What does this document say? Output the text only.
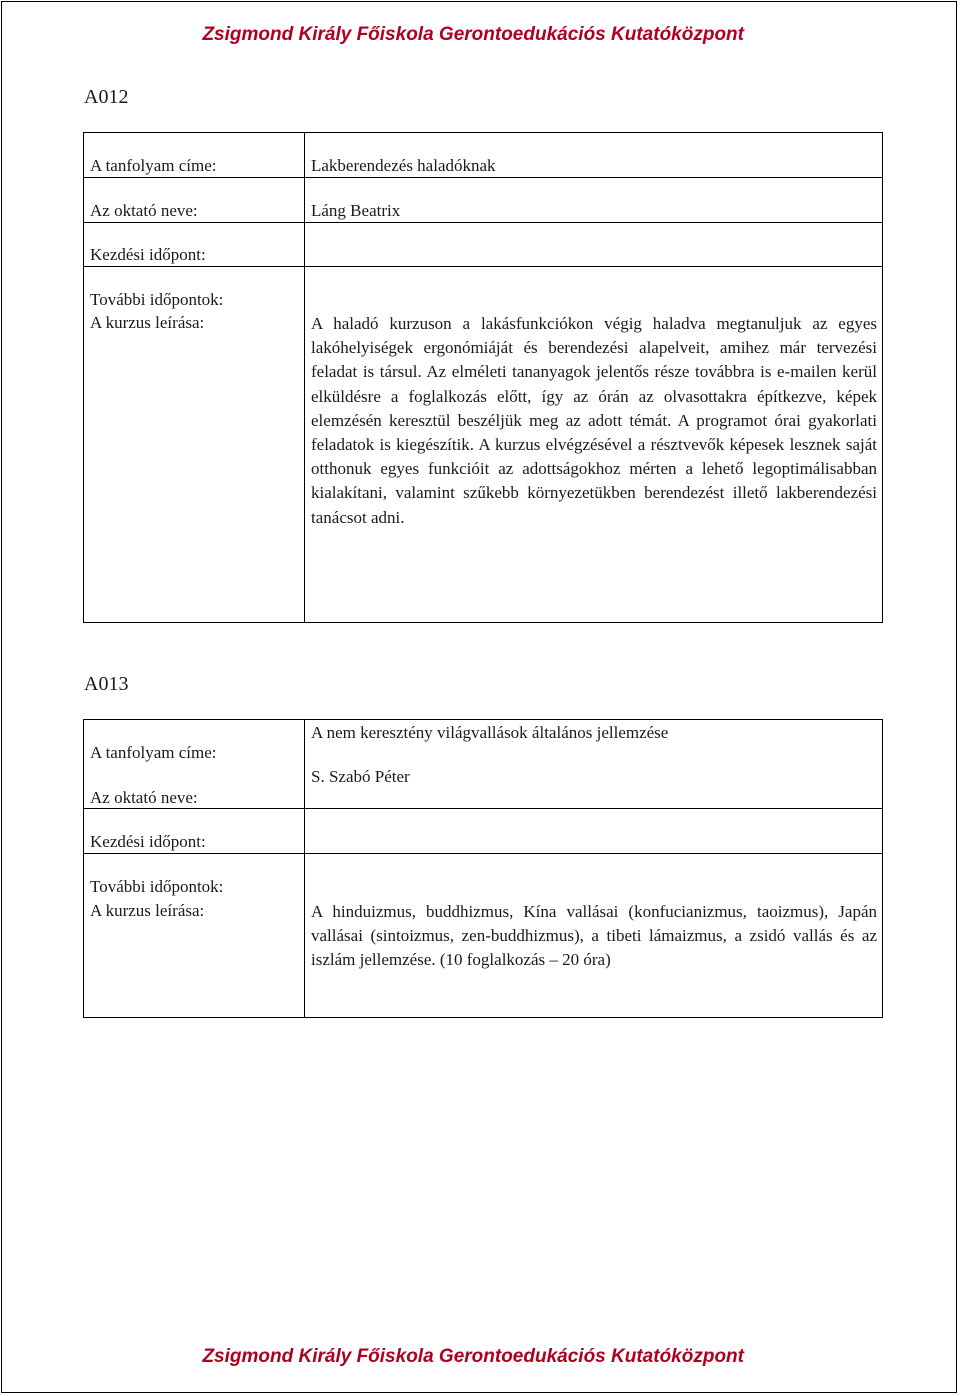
Zsigmond Király Főiskola Gerontoedukációs Kutatóközpont

A012
Lakberendezés haladóknak
Láng Beatrix
A haladó kurzuson a lakásfunkciókon végig haladva megtanuljuk az egyes lakóhelyiségek ergonómiáját és berendezési alapelveit, amihez már tervezési feladat is társul. Az elméleti tananyagok jelentős része továbbra is e-mailen kerül elküldésre a foglalkozás előtt, így az órán az olvasottakra építkezve, képek elemzésén keresztül beszéljük meg az adott témát. A programot órai gyakorlati feladatok is kiegészítik. A kurzus elvégzésével a résztvevők képesek lesznek saját otthonuk egyes funkcióit az adottságokhoz mérten a lehető legoptimálisabban kialakítani, valamint szűkebb környezetükben berendezést illető lakberendezési tanácsot adni.
A tanfolyam címe:
Az oktató neve:
Kezdési időpont:
További időpontok:
A kurzus leírása:
A013
A nem keresztény világvallások általános jellemzése
S. Szabó Péter
A hinduizmus, buddhizmus, Kína vallásai (konfucianizmus, taoizmus), Japán vallásai (sintoizmus, zen-buddhizmus), a tibeti lámaizmus, a zsidó vallás és az iszlám jellemzése. (10 foglalkozás – 20 óra)
A tanfolyam címe:
Az oktató neve:
Kezdési időpont:
További időpontok:
A kurzus leírása:

Zsigmond Király Főiskola Gerontoedukációs Kutatóközpont
